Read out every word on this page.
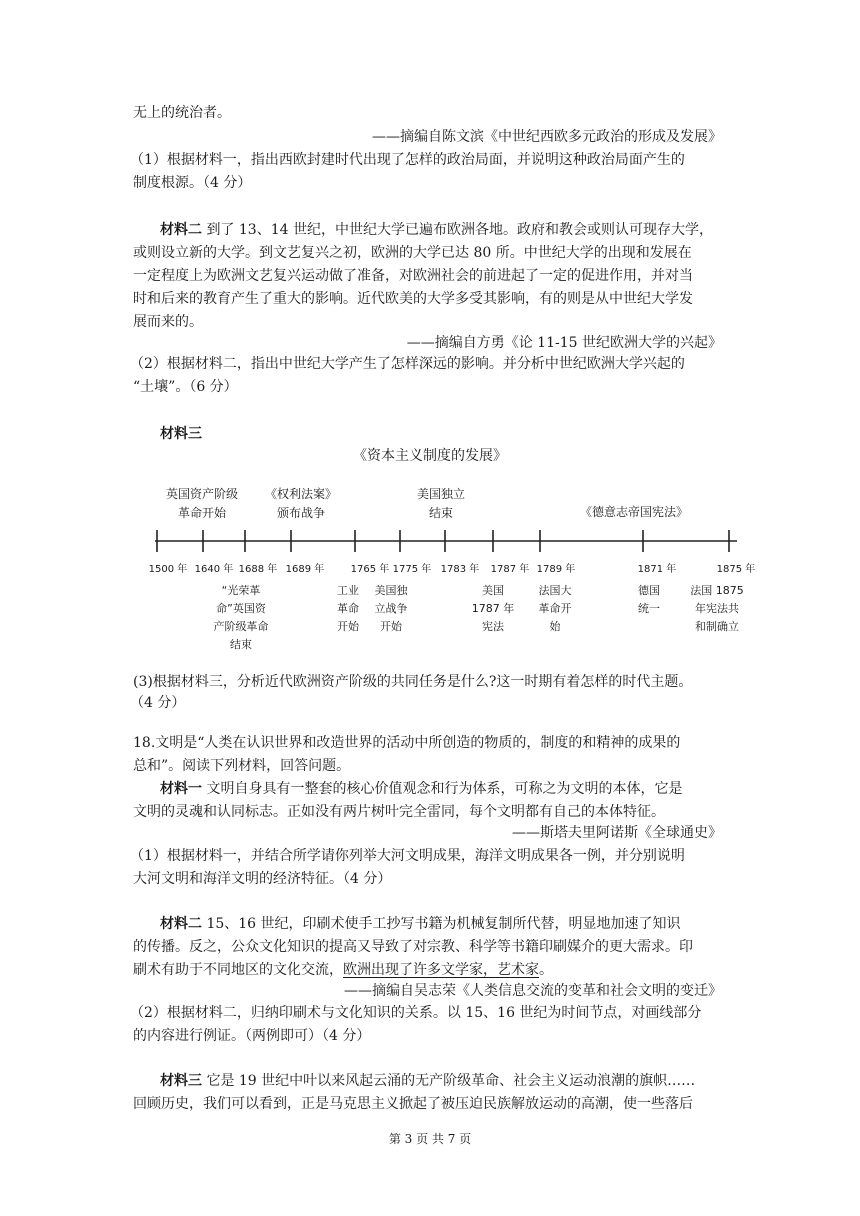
无上的统治者。
——摘编自陈文滨《中世纪西欧多元政治的形成及发展》
（1）根据材料一，指出西欧封建时代出现了怎样的政治局面，并说明这种政治局面产生的
制度根源。（4 分）
材料二 到了 13、14 世纪，中世纪大学已遍布欧洲各地。政府和教会或则认可现存大学，
或则设立新的大学。到文艺复兴之初，欧洲的大学已达 80 所。中世纪大学的出现和发展在
一定程度上为欧洲文艺复兴运动做了准备，对欧洲社会的前进起了一定的促进作用，并对当
时和后来的教育产生了重大的影响。近代欧美的大学多受其影响，有的则是从中世纪大学发
展而来的。
——摘编自方勇《论 11-15 世纪欧洲大学的兴起》
（2）根据材料二，指出中世纪大学产生了怎样深远的影响。并分析中世纪欧洲大学兴起的
“土壤”。（6 分）
材料三
《资本主义制度的发展》
1500 年 1640 年 1688 年 1689 年	1765 年 1775 年 1783 年 1787 年 1789 年	1871 年	1875 年
英国资产阶级
革命开始
《权利法案》
颁布战争
美国独立
结束	《德意志帝国宪法》
“光荣革
命”英国资
产阶级革命
结束
工业
革命
开始
美国独
立战争
开始
美国
1787 年
宪法
法国大
革命开
始
德国
统一
法国 1875
年宪法共
和制确立
(3)根据材料三，分析近代欧洲资产阶级的共同任务是什么?这一时期有着怎样的时代主题。
（4 分）
18.文明是“人类在认识世界和改造世界的活动中所创造的物质的，制度的和精神的成果的
总和”。阅读下列材料，回答问题。
材料一 文明自身具有一整套的核心价值观念和行为体系，可称之为文明的本体，它是
文明的灵魂和认同标志。正如没有两片树叶完全雷同，每个文明都有自己的本体特征。
——斯塔夫里阿诺斯《全球通史》
（1）根据材料一，并结合所学请你列举大河文明成果，海洋文明成果各一例，并分别说明
大河文明和海洋文明的经济特征。（4 分）
材料二 15、16 世纪，印刷术使手工抄写书籍为机械复制所代替，明显地加速了知识
的传播。反之，公众文化知识的提高又导致了对宗教、科学等书籍印刷媒介的更大需求。印
刷术有助于不同地区的文化交流，欧洲出现了许多文学家，艺术家。
——摘编自吴志荣《人类信息交流的变革和社会文明的变迁》
（2）根据材料二，归纳印刷术与文化知识的关系。以 15、16 世纪为时间节点，对画线部分
的内容进行例证。（两例即可）（4 分）
材料三 它是 19 世纪中叶以来风起云涌的无产阶级革命、社会主义运动浪潮的旗帜……
回顾历史，我们可以看到，正是马克思主义掀起了被压迫民族解放运动的高潮，使一些落后
第 3 页 共 7 页
